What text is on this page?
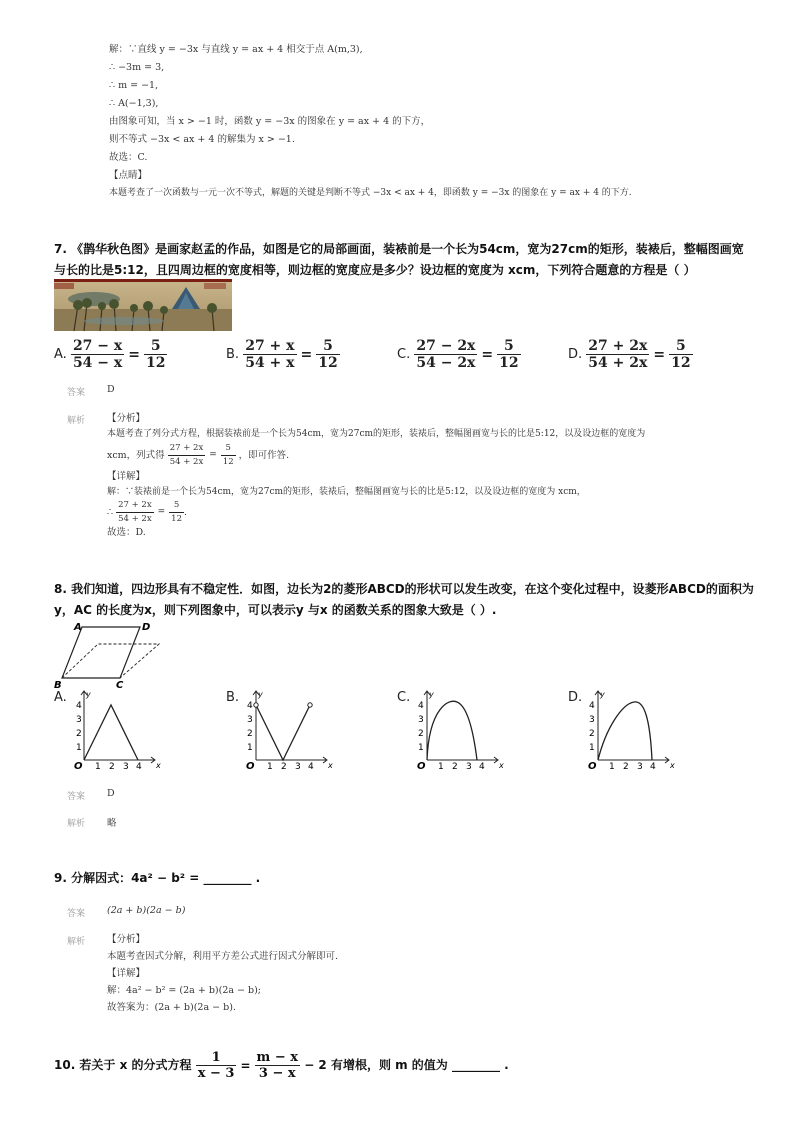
解：∵直线 y = −3x 与直线 y = ax + 4 相交于点 A(m,3),
∴ −3m = 3,
∴ m = −1,
∴ A(−1,3),
由图象可知，当 x > −1 时，函数 y = −3x 的图象在 y = ax + 4 的下方，
则不等式 −3x < ax + 4 的解集为 x > −1.
故选：C.
【点睛】
本题考查了一次函数与一元一次不等式，解题的关键是判断不等式 −3x < ax + 4，即函数 y = −3x 的图象在 y = ax + 4 的下方.
7. 《鹊华秋色图》是画家赵孟的作品，如图是它的局部画面，装裱前是一个长为54cm，宽为27cm的矩形，装裱后，整幅图画宽
与长的比是5:12，且四周边框的宽度相等，则边框的宽度应是多少？设边框的宽度为 xcm，下列符合题意的方程是（ ）
A. $\frac{27 - x}{54 - x} = \frac{5}{12}$	B. $\frac{27 + x}{54 + x} = \frac{5}{12}$	C. $\frac{27 - 2x}{54 - 2x} = \frac{5}{12}$	D. $\frac{27 + 2x}{54 + 2x} = \frac{5}{12}$
答案 D
解析 【分析】
本题考查了列分式方程，根据装裱前是一个长为54cm，宽为27cm的矩形，装裱后，整幅图画宽与长的比是5:12，以及设边框的宽度为
xcm，列式得 $\frac{27 + 2x}{54 + 2x} = \frac{5}{12}$ ，即可作答.
【详解】
解：∵装裱前是一个长为54cm，宽为27cm的矩形，装裱后，整幅图画宽与长的比是5:12，以及设边框的宽度为 xcm，
∴ $\frac{27 + 2x}{54 + 2x} = \frac{5}{12}$ .
故选：D.
8. 我们知道，四边形具有不稳定性．如图，边长为2的菱形ABCD的形状可以发生改变，在这个变化过程中，设菱形ABCD的面积为
y，AC 的长度为x，则下列图象中，可以表示y 与x 的函数关系的图象大致是（ ）.
A	D
B	C
A.
O
y
x
4
3
2
1
1 2 3 4
B.
O
y
x
4
3
2
1
1 2 3 4
C.
O
y
x
4
3
2
1
1 2 3 4
D.
O
y
x
4
3
2
1
1 2 3 4
答案 D
解析 略
9. 分解因式：4a² − b² = ________ .
答案 (2a + b)(2a − b)
解析 【分析】
本题考查因式分解，利用平方差公式进行因式分解即可.
【详解】
解：4a² − b² = (2a + b)(2a − b);
故答案为：(2a + b)(2a − b).
10. 若关于 x 的分式方程 $\frac{1}{x - 3} = \frac{m - x}{3 - x} - 2$ 有增根，则 m 的值为 ________ .
